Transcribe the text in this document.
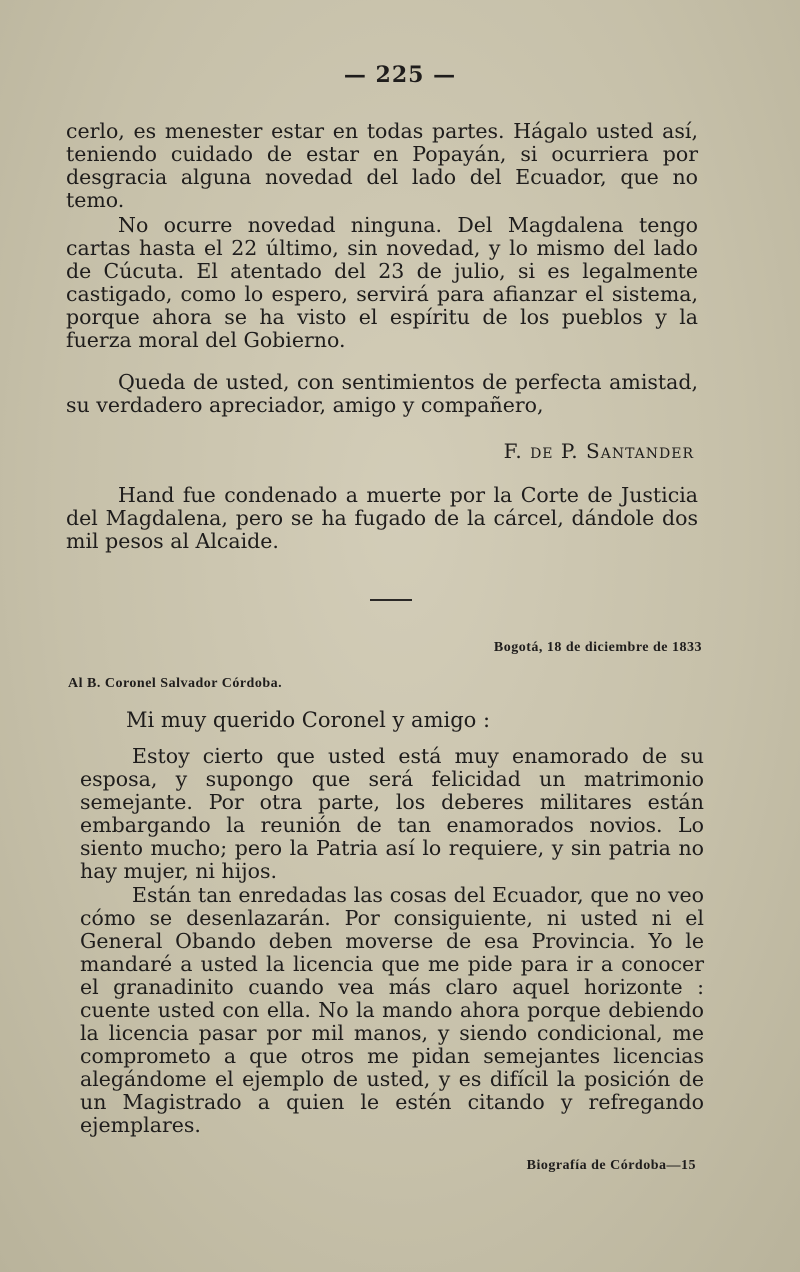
— 225 —

cerlo, es menester estar en todas partes. Hágalo usted así, teniendo cuidado de estar en Popayán, si ocurriera por desgracia alguna novedad del lado del Ecuador, que no temo.

No ocurre novedad ninguna. Del Magdalena tengo cartas hasta el 22 último, sin novedad, y lo mismo del lado de Cúcuta. El atentado del 23 de julio, si es legalmente castigado, como lo espero, servirá para afianzar el sistema, porque ahora se ha visto el espíritu de los pueblos y la fuerza moral del Gobierno.

Queda de usted, con sentimientos de perfecta amistad, su verdadero apreciador, amigo y compañero,

F. de P. Santander

Hand fue condenado a muerte por la Corte de Justicia del Magdalena, pero se ha fugado de la cárcel, dándole dos mil pesos al Alcaide.

Bogotá, 18 de diciembre de 1833
Al B. Coronel Salvador Córdoba.
Mi muy querido Coronel y amigo :

Estoy cierto que usted está muy enamorado de su esposa, y supongo que será felicidad un matrimonio semejante. Por otra parte, los deberes militares están embargando la reunión de tan enamorados novios. Lo siento mucho; pero la Patria así lo requiere, y sin patria no hay mujer, ni hijos.

Están tan enredadas las cosas del Ecuador, que no veo cómo se desenlazarán. Por consiguiente, ni usted ni el General Obando deben moverse de esa Provincia. Yo le mandaré a usted la licencia que me pide para ir a conocer el granadinito cuando vea más claro aquel horizonte : cuente usted con ella. No la mando ahora porque debiendo la licencia pasar por mil manos, y siendo condicional, me comprometo a que otros me pidan semejantes licencias alegándome el ejemplo de usted, y es difícil la posición de un Magistrado a quien le estén citando y refregando ejemplares.

Biografía de Córdoba—15
